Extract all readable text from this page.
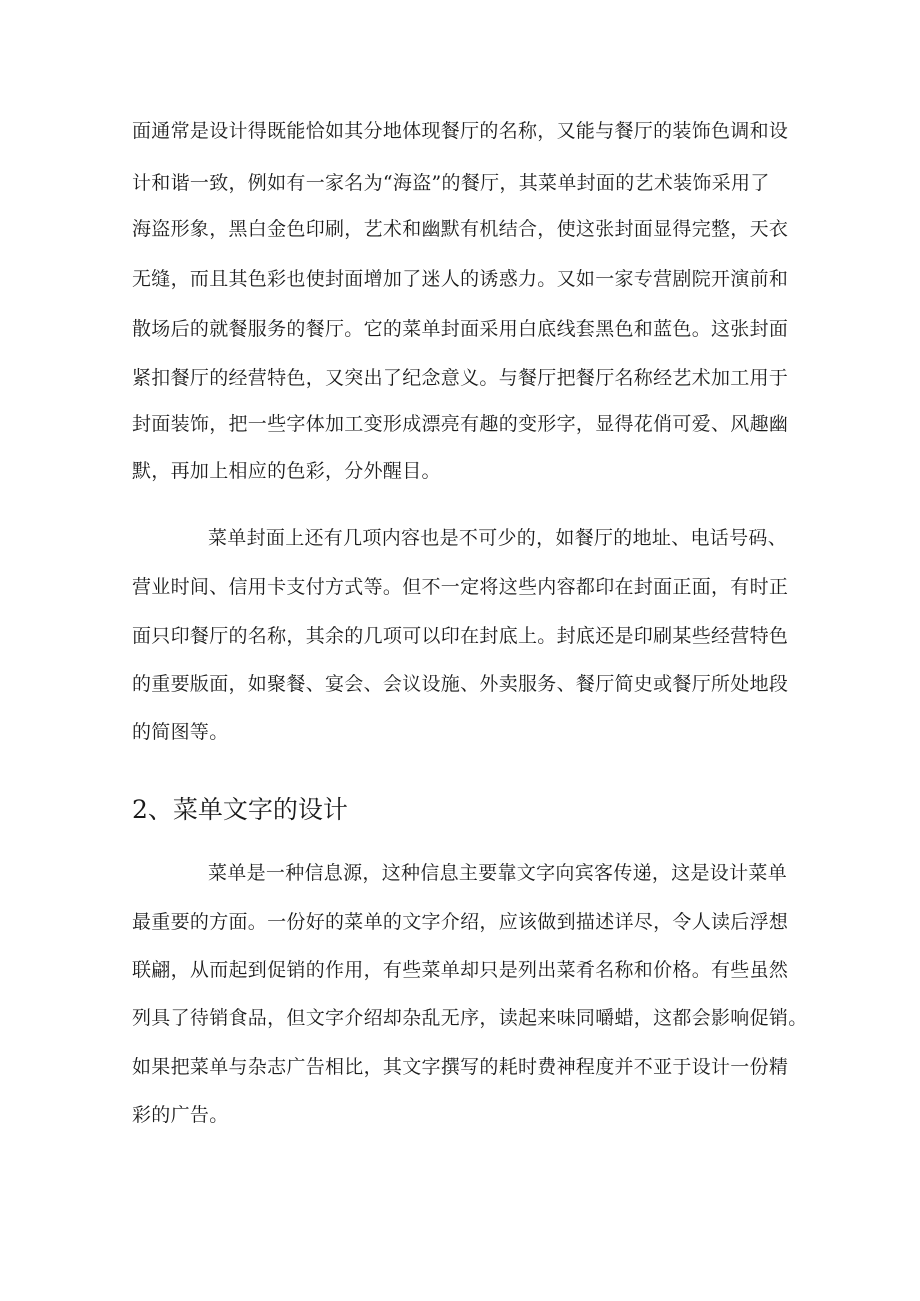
面通常是设计得既能恰如其分地体现餐厅的名称，又能与餐厅的装饰色调和设
计和谐一致，例如有一家名为“海盗”的餐厅，其菜单封面的艺术装饰采用了
海盗形象，黑白金色印刷，艺术和幽默有机结合，使这张封面显得完整，天衣
无缝，而且其色彩也使封面增加了迷人的诱惑力。又如一家专营剧院开演前和
散场后的就餐服务的餐厅。它的菜单封面采用白底线套黑色和蓝色。这张封面
紧扣餐厅的经营特色，又突出了纪念意义。与餐厅把餐厅名称经艺术加工用于
封面装饰，把一些字体加工变形成漂亮有趣的变形字，显得花俏可爱、风趣幽
默，再加上相应的色彩，分外醒目。
菜单封面上还有几项内容也是不可少的，如餐厅的地址、电话号码、
营业时间、信用卡支付方式等。但不一定将这些内容都印在封面正面，有时正
面只印餐厅的名称，其余的几项可以印在封底上。封底还是印刷某些经营特色
的重要版面，如聚餐、宴会、会议设施、外卖服务、餐厅简史或餐厅所处地段
的简图等。
2、菜单文字的设计
菜单是一种信息源，这种信息主要靠文字向宾客传递，这是设计菜单
最重要的方面。一份好的菜单的文字介绍，应该做到描述详尽，令人读后浮想
联翩，从而起到促销的作用，有些菜单却只是列出菜肴名称和价格。有些虽然
列具了待销食品，但文字介绍却杂乱无序，读起来味同嚼蜡，这都会影响促销。
如果把菜单与杂志广告相比，其文字撰写的耗时费神程度并不亚于设计一份精
彩的广告。
